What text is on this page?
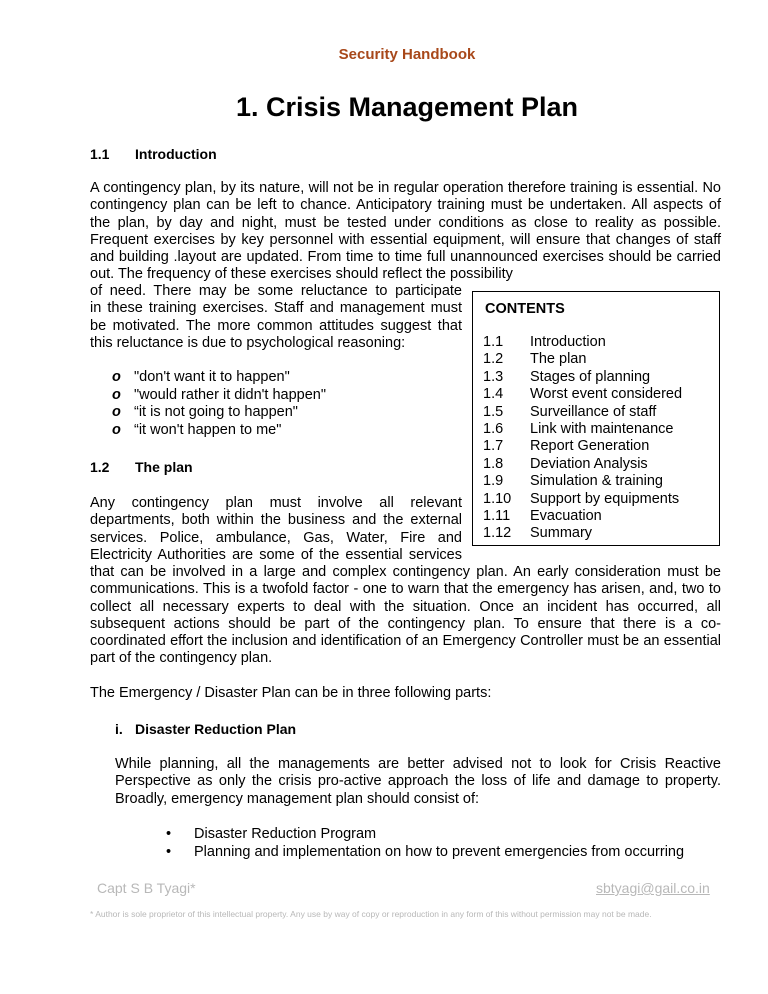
Security Handbook
1. Crisis Management Plan
1.1 Introduction

A contingency plan, by its nature, will not be in regular operation therefore training is essential. No contingency plan can be left to chance. Anticipatory training must be undertaken. All aspects of the plan, by day and night, must be tested under conditions as close to reality as possible. Frequent exercises by key personnel with essential equipment, will ensure that changes of staff and building .layout are updated. From time to time full unannounced exercises should be carried out. The frequency of these exercises should reflect the possibility

of need. There may be some reluctance to participate
in these training exercises. Staff and management must
be motivated. The more common attitudes suggest that
this reluctance is due to psychological reasoning:
o "don't want it to happen"
o "would rather it didn't happen"
o “it is not going to happen"
o “it won't happen to me"
1.2 The plan
Any contingency plan must involve all relevant
departments, both within the business and the external
services. Police, ambulance, Gas, Water, Fire and
Electricity Authorities are some of the essential services

that can be involved in a large and complex contingency plan. An early consideration must be communications. This is a twofold factor - one to warn that the emergency has arisen, and, two to collect all necessary experts to deal with the situation. Once an incident has occurred, all subsequent actions should be part of the contingency plan. To ensure that there is a co-coordinated effort the inclusion and identification of an Emergency Controller must be an essential part of the contingency plan.

The Emergency / Disaster Plan can be in three following parts:
i. Disaster Reduction Plan

While planning, all the managements are better advised not to look for Crisis Reactive Perspective as only the crisis pro-active approach the loss of life and damage to property. Broadly, emergency management plan should consist of:

• Disaster Reduction Program
• Planning and implementation on how to prevent emergencies from occurring
CONTENTS
1.1 Introduction
1.2 The plan
1.3 Stages of planning
1.4 Worst event considered
1.5 Surveillance of staff
1.6 Link with maintenance
1.7 Report Generation
1.8 Deviation Analysis
1.9 Simulation & training
1.10 Support by equipments
1.11 Evacuation
1.12 Summary
Capt S B Tyagi*	sbtyagi@gail.co.in
* Author is sole proprietor of this intellectual property. Any use by way of copy or reproduction in any form of this without permission may not be made.
